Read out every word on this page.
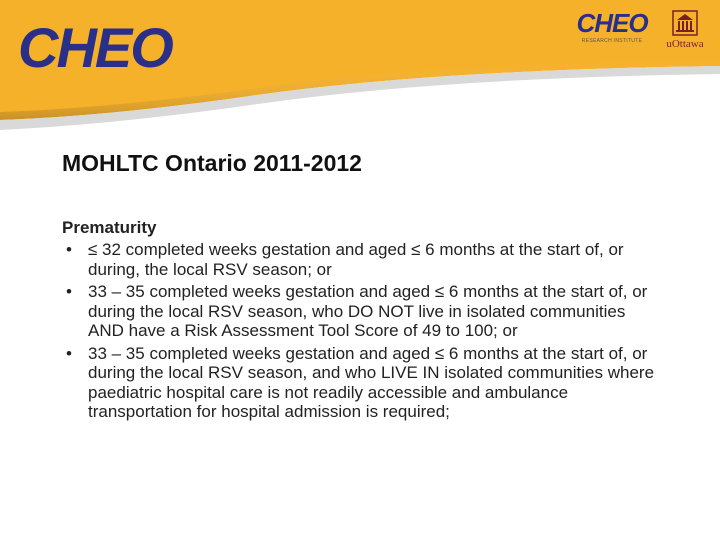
CHEO	CHEO
RESEARCH INSTITUTE	uOttawa
MOHLTC Ontario 2011-2012
Prematurity
• ≤ 32 completed weeks gestation and aged ≤ 6 months at the start of, or during, the local RSV season; or
• 33 – 35 completed weeks gestation and aged ≤ 6 months at the start of, or during the local RSV season, who DO NOT live in isolated communities AND have a Risk Assessment Tool Score of 49 to 100; or
• 33 – 35 completed weeks gestation and aged ≤ 6 months at the start of, or during the local RSV season, and who LIVE IN isolated communities where paediatric hospital care is not readily accessible and ambulance transportation for hospital admission is required;
